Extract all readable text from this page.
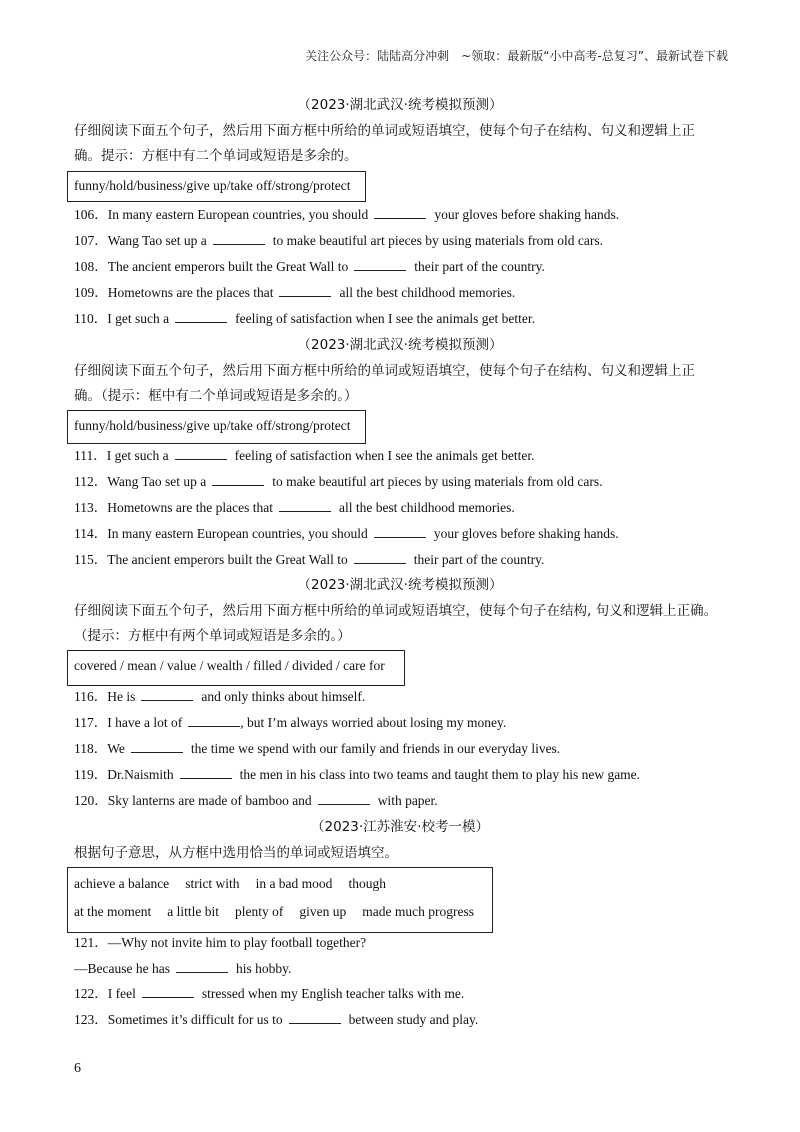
关注公众号：陆陆高分冲刺　~领取：最新版“小中高考-总复习”、最新试卷下载
（2023·湖北武汉·统考模拟预测）
仔细阅读下面五个句子，然后用下面方框中所给的单词或短语填空，使每个句子在结构、句义和逻辑上正
确。提示：方框中有二个单词或短语是多余的。
funny/hold/business/give up/take off/strong/protect
106．In many eastern European countries, you should	your gloves before shaking hands.
107．Wang Tao set up a	to make beautiful art pieces by using materials from old cars.
108．The ancient emperors built the Great Wall to	their part of the country.
109．Hometowns are the places that	all the best childhood memories.
110．I get such a	feeling of satisfaction when I see the animals get better.
（2023·湖北武汉·统考模拟预测）
仔细阅读下面五个句子，然后用下面方框中所给的单词或短语填空，使每个句子在结构、句义和逻辑上正
确。（提示：框中有二个单词或短语是多余的。）
funny/hold/business/give up/take off/strong/protect
111．I get such a	feeling of satisfaction when I see the animals get better.
112．Wang Tao set up a	to make beautiful art pieces by using materials from old cars.
113．Hometowns are the places that	all the best childhood memories.
114．In many eastern European countries, you should	your gloves before shaking hands.
115．The ancient emperors built the Great Wall to	their part of the country.
（2023·湖北武汉·统考模拟预测）
仔细阅读下面五个句子，然后用下面方框中所给的单词或短语填空，使每个句子在结构, 句义和逻辑上正确。
（提示：方框中有两个单词或短语是多余的。）
covered / mean / value / wealth / filled / divided / care for
116．He is	and only thinks about himself.
117．I have a lot of	, but I’m always worried about losing my money.
118．We	the time we spend with our family and friends in our everyday lives.
119．Dr.Naismith	the men in his class into two teams and taught them to play his new game.
120．Sky lanterns are made of bamboo and	with paper.
（2023·江苏淮安·校考一模）
根据句子意思，从方框中选用恰当的单词或短语填空。
achieve a balance strict with in a bad mood though
at the moment a little bit plenty of given up made much progress
121．—Why not invite him to play football together?
—Because he has	his hobby.
122．I feel	stressed when my English teacher talks with me.
123．Sometimes it’s difficult for us to	between study and play.
6
